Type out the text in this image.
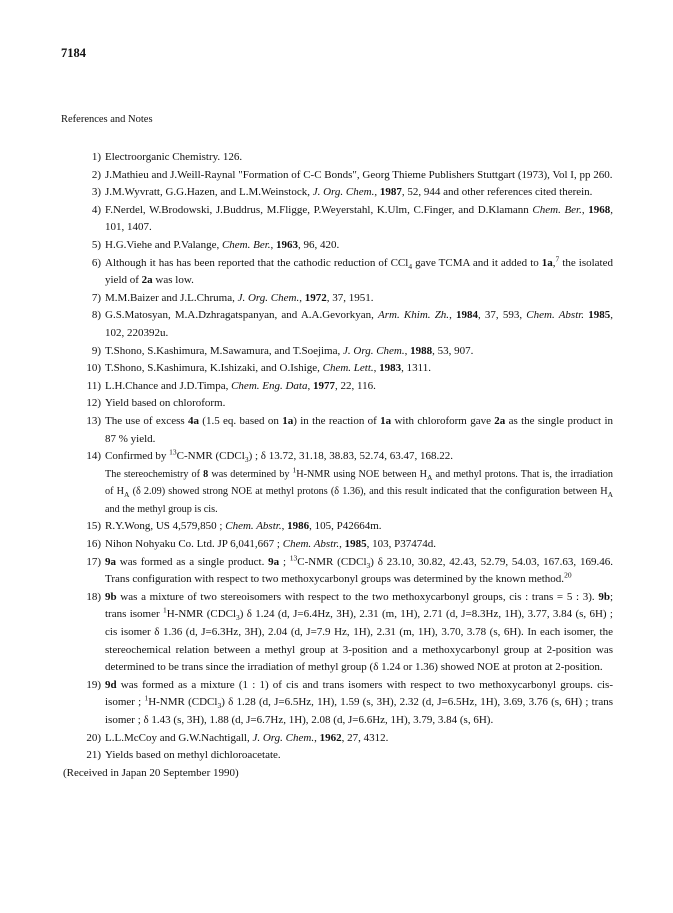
7184
References and Notes
1) Electroorganic Chemistry. 126.
2) J.Mathieu and J.Weill-Raynal "Formation of C-C Bonds", Georg Thieme Publishers Stuttgart (1973), Vol I, pp 260.
3) J.M.Wyvratt, G.G.Hazen, and L.M.Weinstock, J. Org. Chem., 1987, 52, 944 and other references cited therein.
4) F.Nerdel, W.Brodowski, J.Buddrus, M.Fligge, P.Weyerstahl, K.Ulm, C.Finger, and D.Klamann Chem. Ber., 1968, 101, 1407.
5) H.G.Viehe and P.Valange, Chem. Ber., 1963, 96, 420.
6) Although it has has been reported that the cathodic reduction of CCl$_4$ gave TCMA and it added to 1a,$^7$ the isolated yield of 2a was low.
7) M.M.Baizer and J.L.Chruma, J. Org. Chem., 1972, 37, 1951.
8) G.S.Matosyan, M.A.Dzhragatspanyan, and A.A.Gevorkyan, Arm. Khim. Zh., 1984, 37, 593, Chem. Abstr. 1985, 102, 220392u.
9) T.Shono, S.Kashimura, M.Sawamura, and T.Soejima, J. Org. Chem., 1988, 53, 907.
10) T.Shono, S.Kashimura, K.Ishizaki, and O.Ishige, Chem. Lett., 1983, 1311.
11) L.H.Chance and J.D.Timpa, Chem. Eng. Data, 1977, 22, 116.
12) Yield based on chloroform.
13) The use of excess 4a (1.5 eq. based on 1a) in the reaction of 1a with chloroform gave 2a as the single product in 87 % yield.
14) Confirmed by $^{13}$C-NMR (CDCl$_3$) ; δ 13.72, 31.18, 38.83, 52.74, 63.47, 168.22.
The stereochemistry of 8 was determined by $^1$H-NMR using NOE between $H_A$ and methyl protons. That is, the irradiation of $H_A$ (δ 2.09) showed strong NOE at methyl protons (δ 1.36), and this result indicated that the configuration between $H_A$ and the methyl group is cis.
15) R.Y.Wong, US 4,579,850 ; Chem. Abstr., 1986, 105, P42664m.
16) Nihon Nohyaku Co. Ltd. JP 6,041,667 ; Chem. Abstr., 1985, 103, P37474d.
17) 9a was formed as a single product. 9a ; $^{13}$C-NMR (CDCl$_3$) δ 23.10, 30.82, 42.43, 52.79, 54.03, 167.63, 169.46. Trans configuration with respect to two methoxycarbonyl groups was determined by the known method.$^{20}$
18) 9b was a mixture of two stereoisomers with respect to the two methoxycarbonyl groups, cis : trans = 5 : 3). 9b; trans isomer $^1$H-NMR (CDCl$_3$) δ 1.24 (d, J=6.4Hz, 3H), 2.31 (m, 1H), 2.71 (d, J=8.3Hz, 1H), 3.77, 3.84 (s, 6H) ; cis isomer δ 1.36 (d, J=6.3Hz, 3H), 2.04 (d, J=7.9 Hz, 1H), 2.31 (m, 1H), 3.70, 3.78 (s, 6H). In each isomer, the stereochemical relation between a methyl group at 3-position and a methoxycarbonyl group at 2-position was determined to be trans since the irradiation of methyl group (δ 1.24 or 1.36) showed NOE at proton at 2-position.
19) 9d was formed as a mixture (1 : 1) of cis and trans isomers with respect to two methoxycarbonyl groups. cis-isomer ; $^1$H-NMR (CDCl$_3$) δ 1.28 (d, J=6.5Hz, 1H), 1.59 (s, 3H), 2.32 (d, J=6.5Hz, 1H), 3.69, 3.76 (s, 6H) ; trans isomer ; δ 1.43 (s, 3H), 1.88 (d, J=6.7Hz, 1H), 2.08 (d, J=6.6Hz, 1H), 3.79, 3.84 (s, 6H).
20) L.L.McCoy and G.W.Nachtigall, J. Org. Chem., 1962, 27, 4312.
21) Yields based on methyl dichloroacetate.
(Received in Japan 20 September 1990)
